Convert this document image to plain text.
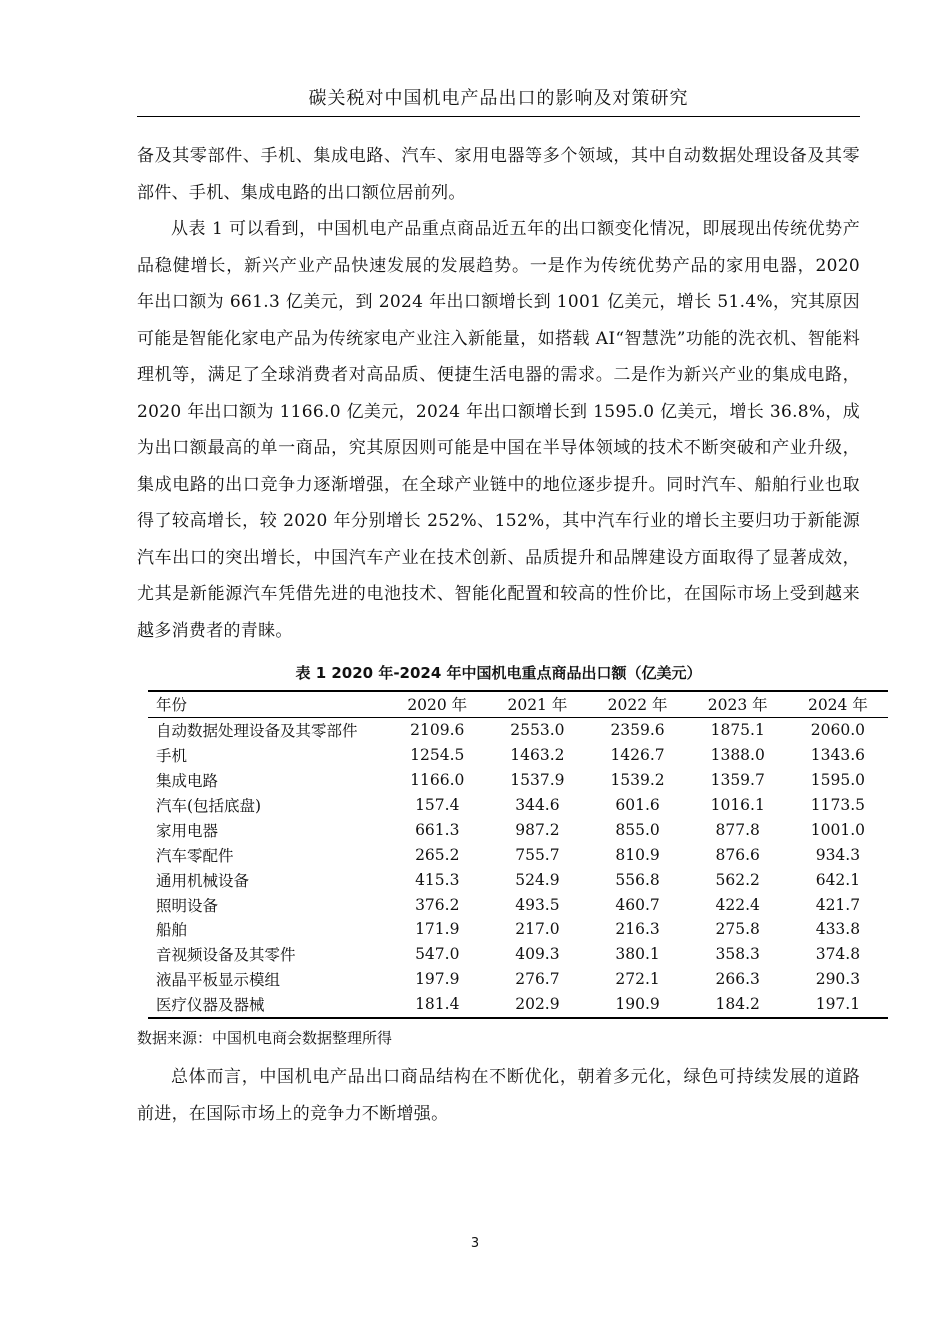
碳关税对中国机电产品出口的影响及对策研究
备及其零部件、手机、集成电路、汽车、家用电器等多个领域，其中自动数据处理设备及其零部件、手机、集成电路的出口额位居前列。
从表 1 可以看到，中国机电产品重点商品近五年的出口额变化情况，即展现出传统优势产品稳健增长，新兴产业产品快速发展的发展趋势。一是作为传统优势产品的家用电器，2020 年出口额为 661.3 亿美元，到 2024 年出口额增长到 1001 亿美元，增长 51.4%，究其原因可能是智能化家电产品为传统家电产业注入新能量，如搭载 AI“智慧洗”功能的洗衣机、智能料理机等，满足了全球消费者对高品质、便捷生活电器的需求。二是作为新兴产业的集成电路，2020 年出口额为 1166.0 亿美元，2024 年出口额增长到 1595.0 亿美元，增长 36.8%，成为出口额最高的单一商品，究其原因则可能是中国在半导体领域的技术不断突破和产业升级，集成电路的出口竞争力逐渐增强，在全球产业链中的地位逐步提升。同时汽车、船舶行业也取得了较高增长，较 2020 年分别增长 252%、152%，其中汽车行业的增长主要归功于新能源汽车出口的突出增长，中国汽车产业在技术创新、品质提升和品牌建设方面取得了显著成效，尤其是新能源汽车凭借先进的电池技术、智能化配置和较高的性价比，在国际市场上受到越来越多消费者的青睐。
表 1 2020 年-2024 年中国机电重点商品出口额（亿美元）
年份	2020 年	2021 年	2022 年	2023 年	2024 年
自动数据处理设备及其零部件	2109.6	2553.0	2359.6	1875.1	2060.0
手机	1254.5	1463.2	1426.7	1388.0	1343.6
集成电路	1166.0	1537.9	1539.2	1359.7	1595.0
汽车(包括底盘)	157.4	344.6	601.6	1016.1	1173.5
家用电器	661.3	987.2	855.0	877.8	1001.0
汽车零配件	265.2	755.7	810.9	876.6	934.3
通用机械设备	415.3	524.9	556.8	562.2	642.1
照明设备	376.2	493.5	460.7	422.4	421.7
船舶	171.9	217.0	216.3	275.8	433.8
音视频设备及其零件	547.0	409.3	380.1	358.3	374.8
液晶平板显示模组	197.9	276.7	272.1	266.3	290.3
医疗仪器及器械	181.4	202.9	190.9	184.2	197.1
数据来源：中国机电商会数据整理所得
总体而言，中国机电产品出口商品结构在不断优化，朝着多元化，绿色可持续发展的道路前进，在国际市场上的竞争力不断增强。
3
